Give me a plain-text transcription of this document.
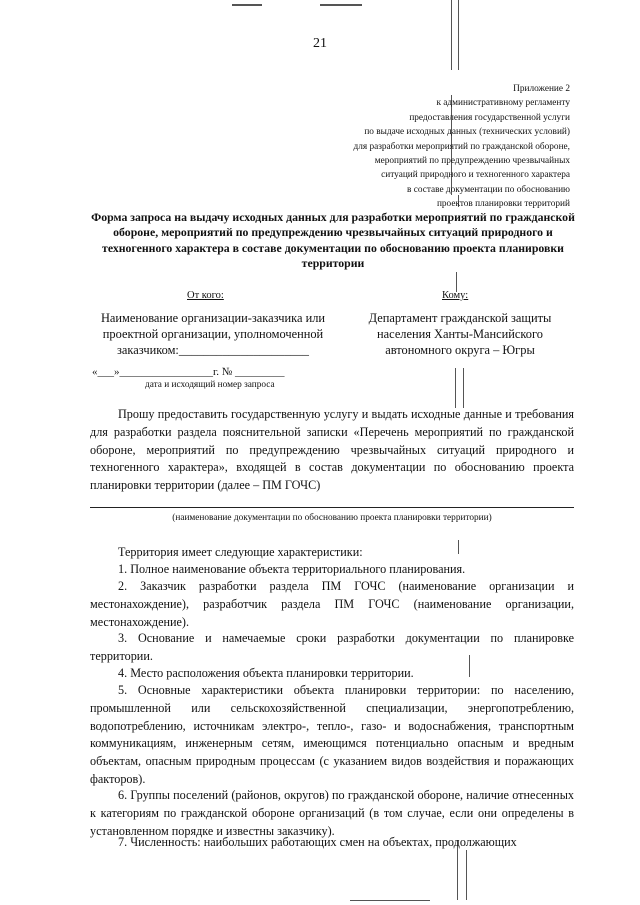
21
Приложение 2
к административному регламенту
предоставления государственной услуги
по выдаче исходных данных (технических условий)
для разработки мероприятий по гражданской обороне,
мероприятий по предупреждению чрезвычайных
ситуаций природного и техногенного характера
в составе документации по обоснованию
проектов планировки территорий
Форма запроса на выдачу исходных данных для разработки мероприятий по гражданской обороне, мероприятий по предупреждению чрезвычайных ситуаций природного и техногенного характера в составе документации по обоснованию проекта планировки территории
От кого:	Кому:
Наименование организации-заказчика или проектной организации, уполномоченной заказчиком:_____________________
Департамент гражданской защиты населения Ханты-Мансийского автономного округа – Югры
«___»_________________г. № _________
дата и исходящий номер запроса
Прошу предоставить государственную услугу и выдать исходные данные и требования для разработки раздела пояснительной записки «Перечень мероприятий по гражданской обороне, мероприятий по предупреждению чрезвычайных ситуаций природного и техногенного характера», входящей в состав документации по обоснованию проекта планировки территории (далее – ПМ ГОЧС)
(наименование документации по обоснованию проекта планировки территории)
Территория имеет следующие характеристики:
1. Полное наименование объекта территориального планирования.
2. Заказчик разработки раздела ПМ ГОЧС (наименование организации и местонахождение), разработчик раздела ПМ ГОЧС (наименование организации, местонахождение).
3. Основание и намечаемые сроки разработки документации по планировке территории.
4. Место расположения объекта планировки территории.
5. Основные характеристики объекта планировки территории: по населению, промышленной или сельскохозяйственной специализации, энергопотреблению, водопотреблению, источникам электро-, тепло-, газо- и водоснабжения, транспортным коммуникациям, инженерным сетям, имеющимся потенциально опасным и вредным объектам, опасным природным процессам (с указанием видов воздействия и поражающих факторов).
6. Группы поселений (районов, округов) по гражданской обороне, наличие отнесенных к категориям по гражданской обороне организаций (в том случае, если они определены в установленном порядке и известны заказчику).
7. Численность: наибольших работающих смен на объектах, продолжающих
